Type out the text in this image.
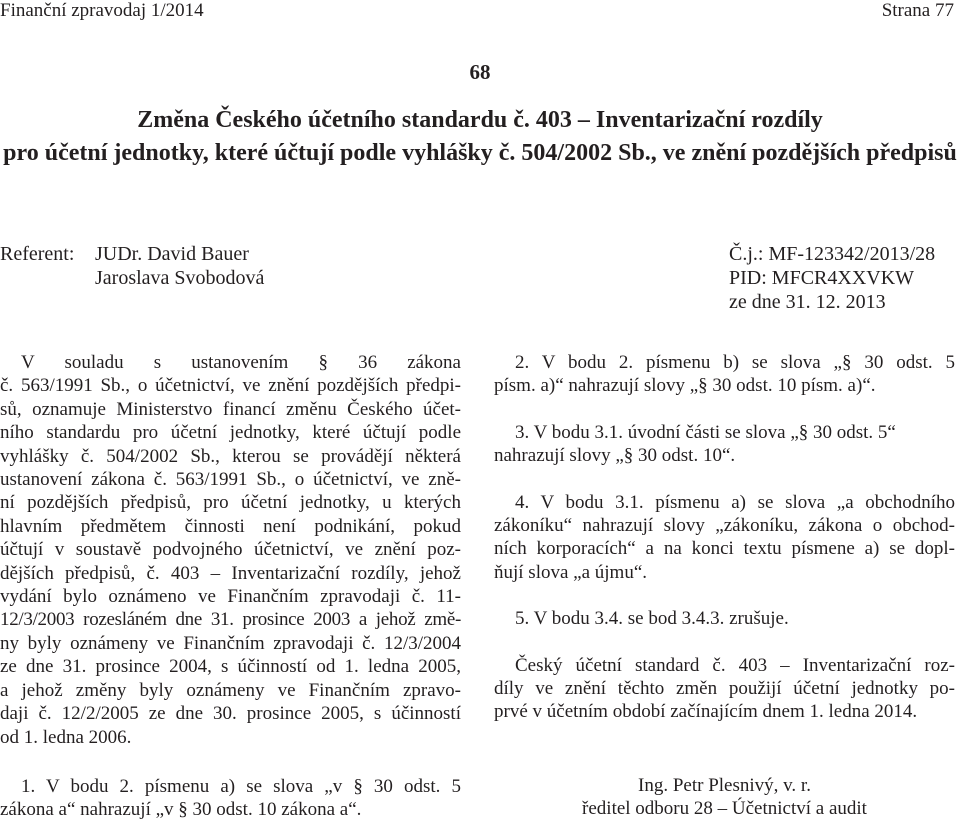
Finanční zpravodaj 1/2014	Strana 77
68
Změna Českého účetního standardu č. 403 – Inventarizační rozdíly
pro účetní jednotky, které účtují podle vyhlášky č. 504/2002 Sb., ve znění pozdějších předpisů
Referent: JUDr. David Bauer
Jaroslava Svobodová
Č.j.: MF-123342/2013/28
PID: MFCR4XXVKW
ze dne 31. 12. 2013
V souladu s ustanovením § 36 zákona
č. 563/1991 Sb., o účetnictví, ve znění pozdějších předpi-
sů, oznamuje Ministerstvo financí změnu Českého účet-
ního standardu pro účetní jednotky, které účtují podle
vyhlášky č. 504/2002 Sb., kterou se provádějí některá
ustanovení zákona č. 563/1991 Sb., o účetnictví, ve zně-
ní pozdějších předpisů, pro účetní jednotky, u kterých
hlavním předmětem činnosti není podnikání, pokud
účtují v soustavě podvojného účetnictví, ve znění poz-
dějších předpisů, č. 403 – Inventarizační rozdíly, jehož
vydání bylo oznámeno ve Finančním zpravodaji č. 11-
12/3/2003 rozesláném dne 31. prosince 2003 a jehož změ-
ny byly oznámeny ve Finančním zpravodaji č. 12/3/2004
ze dne 31. prosince 2004, s účinností od 1. ledna 2005,
a jehož změny byly oznámeny ve Finančním zpravo-
daji č. 12/2/2005 ze dne 30. prosince 2005, s účinností
od 1. ledna 2006.
1. V bodu 2. písmenu a) se slova „v § 30 odst. 5
zákona a“ nahrazují „v § 30 odst. 10 zákona a“.
2. V bodu 2. písmenu b) se slova „§ 30 odst. 5
písm. a)“ nahrazují slovy „§ 30 odst. 10 písm. a)“.
3. V bodu 3.1. úvodní části se slova „§ 30 odst. 5“
nahrazují slovy „§ 30 odst. 10“.
4. V bodu 3.1. písmenu a) se slova „a obchodního
zákoníku“ nahrazují slovy „zákoníku, zákona o obchod-
ních korporacích“ a na konci textu písmene a) se dopl-
ňují slova „a újmu“.
5. V bodu 3.4. se bod 3.4.3. zrušuje.
Český účetní standard č. 403 – Inventarizační roz-
díly ve znění těchto změn použijí účetní jednotky po-
prvé v účetním období začínajícím dnem 1. ledna 2014.
Ing. Petr Plesnivý, v. r.
ředitel odboru 28 – Účetnictví a audit
